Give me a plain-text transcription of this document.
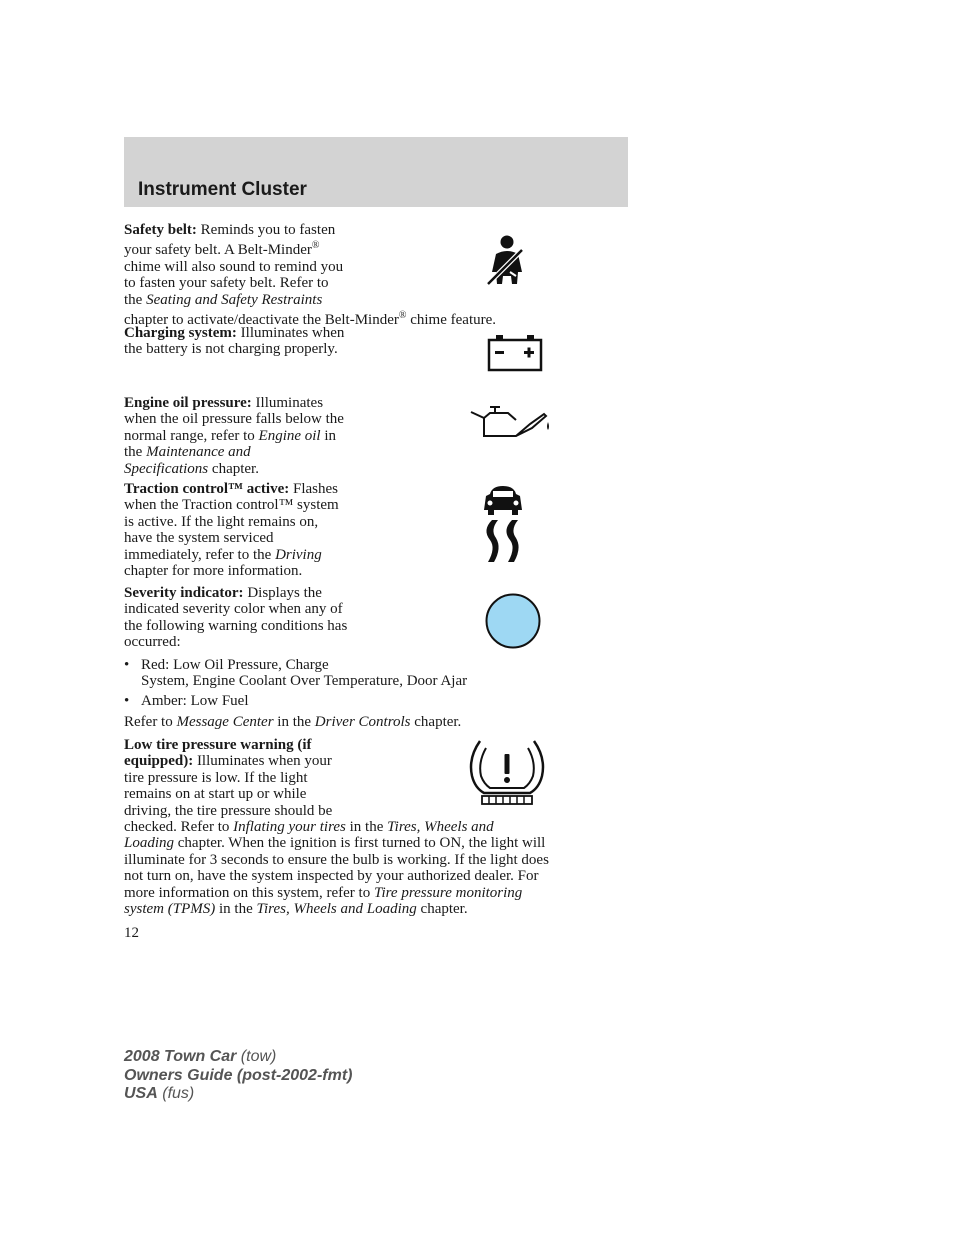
Instrument Cluster
Safety belt: Reminds you to fasten
your safety belt. A Belt-Minder®
chime will also sound to remind you
to fasten your safety belt. Refer to
the Seating and Safety Restraints
chapter to activate/deactivate the Belt-Minder® chime feature.
Charging system: Illuminates when
the battery is not charging properly.
Engine oil pressure: Illuminates
when the oil pressure falls below the
normal range, refer to Engine oil in
the Maintenance and
Specifications chapter.
Traction control™ active: Flashes
when the Traction control™ system
is active. If the light remains on,
have the system serviced
immediately, refer to the Driving
chapter for more information.
Severity indicator: Displays the
indicated severity color when any of
the following warning conditions has
occurred:
• Red: Low Oil Pressure, Charge
System, Engine Coolant Over Temperature, Door Ajar
• Amber: Low Fuel
Refer to Message Center in the Driver Controls chapter.
Low tire pressure warning (if
equipped): Illuminates when your
tire pressure is low. If the light
remains on at start up or while
driving, the tire pressure should be
checked. Refer to Inflating your tires in the Tires, Wheels and
Loading chapter. When the ignition is first turned to ON, the light will
illuminate for 3 seconds to ensure the bulb is working. If the light does
not turn on, have the system inspected by your authorized dealer. For
more information on this system, refer to Tire pressure monitoring
system (TPMS) in the Tires, Wheels and Loading chapter.
12
2008 Town Car (tow)
Owners Guide (post-2002-fmt)
USA (fus)
